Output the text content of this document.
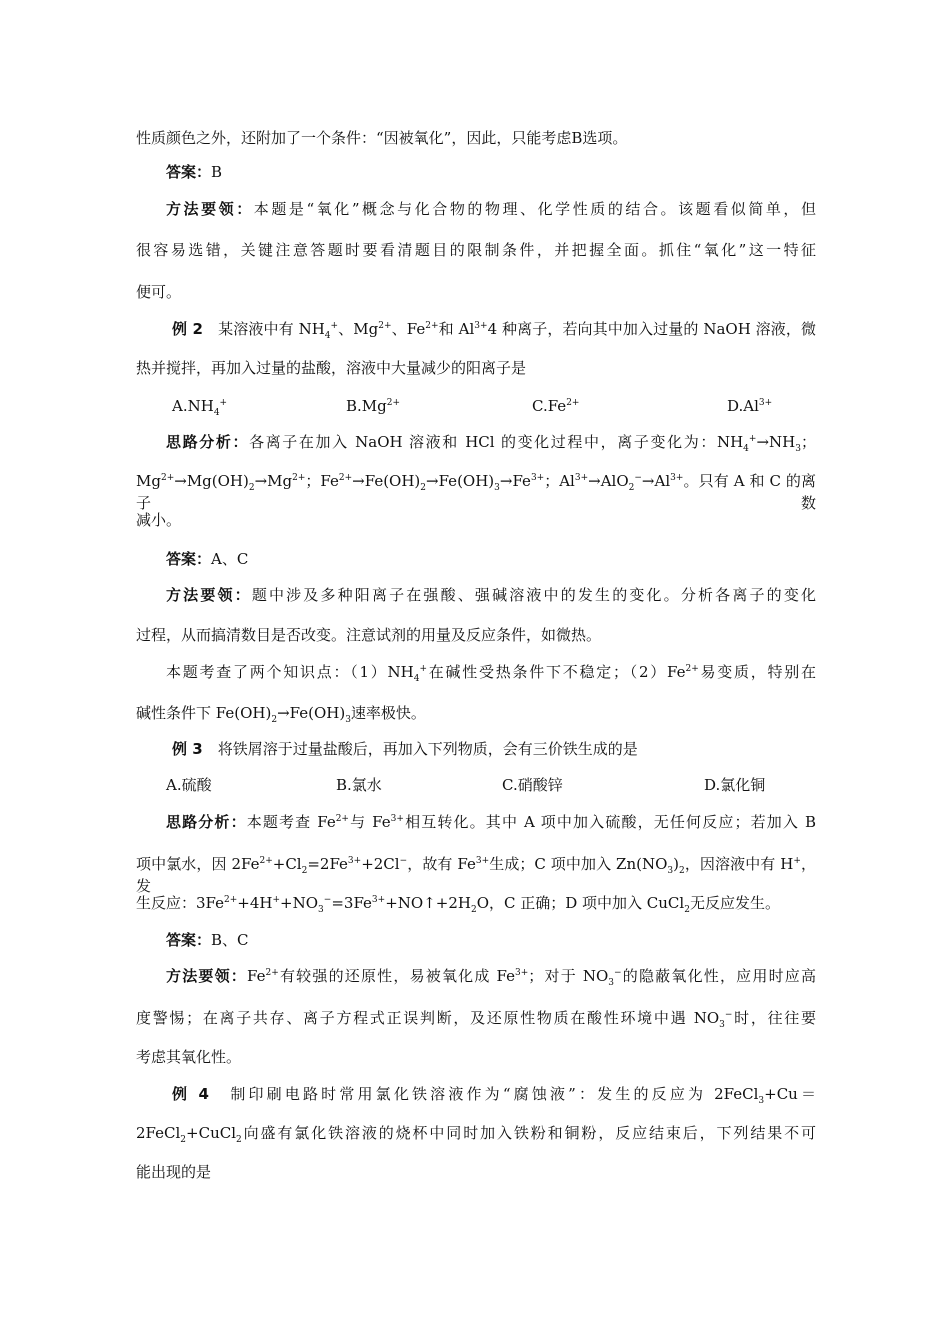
性质颜色之外，还附加了一个条件：“因被氧化”，因此，只能考虑B选项。
答案：B
方法要领：本题是“氧化”概念与化合物的物理、化学性质的结合。该题看似简单，但
很容易选错，关键注意答题时要看清题目的限制条件，并把握全面。抓住“氧化”这一特征
便可。
例 2　某溶液中有 $NH_4^+$、$Mg^{2+}$、$Fe^{2+}$和 $Al^{3+}4$ 种离子，若向其中加入过量的 NaOH 溶液，微
热并搅拌，再加入过量的盐酸，溶液中大量减少的阳离子是
$A.NH_4^+$	$B.Mg^{2+}$	$C.Fe^{2+}$	$D.Al^{3+}$
思路分析：各离子在加入 NaOH 溶液和 HCl 的变化过程中，离子变化为：$NH_4^+\to NH_3$；
$Mg^{2+}\to Mg(OH)_2\to Mg^{2+}$；$Fe^{2+}\to Fe(OH)_2\to Fe(OH)_3\to Fe^{3+}$；$Al^{3+}\to AlO_2^-\to Al^{3+}$。只有 A 和 C 的离子数
减小。
答案：A、C
方法要领：题中涉及多种阳离子在强酸、强碱溶液中的发生的变化。分析各离子的变化
过程，从而搞清数目是否改变。注意试剂的用量及反应条件，如微热。
本题考查了两个知识点：$(1)NH_4^+$在碱性受热条件下不稳定；$(2)Fe^{2+}$易变质，特别在
碱性条件下 $Fe(OH)_2\to Fe(OH)_3$速率极快。
例 3　 将铁屑溶于过量盐酸后，再加入下列物质，会有三价铁生成的是
A.硫酸	B.氯水	C.硝酸锌	D.氯化铜
思路分析：本题考查 $Fe^{2+}$与 $Fe^{3+}$相互转化。其中 A 项中加入硫酸，无任何反应；若加入 B
项中氯水，因 $2Fe^{2+}+Cl_2=2Fe^{3+}+2Cl^-$，故有 $Fe^{3+}$生成；C 项中加入 $Zn(NO_3)_2$，因溶液中有 H+，发
生反应：$3Fe^{2+}+4H^++NO_3^-=3Fe^{3+}+NO↑+2H_2O$，C 正确；D 项中加入 CuCl$_2$无反应发生。
答案：B、C
方法要领：$Fe^{2+}$有较强的还原性，易被氧化成 $Fe^{3+}$；对于 $NO_3^-$的隐蔽氧化性，应用时应高
度警惕；在离子共存、离子方程式正误判断，及还原性物质在酸性环境中遇 $NO_3^-$时，往往要
考虑其氧化性。
例 4　制印刷电路时常用氯化铁溶液作为“腐蚀液”：发生的反应为 2FeCl$_3$+Cu＝
2FeCl$_2$+CuCl$_2$向盛有氯化铁溶液的烧杯中同时加入铁粉和铜粉，反应结束后，下列结果不可
能出现的是
